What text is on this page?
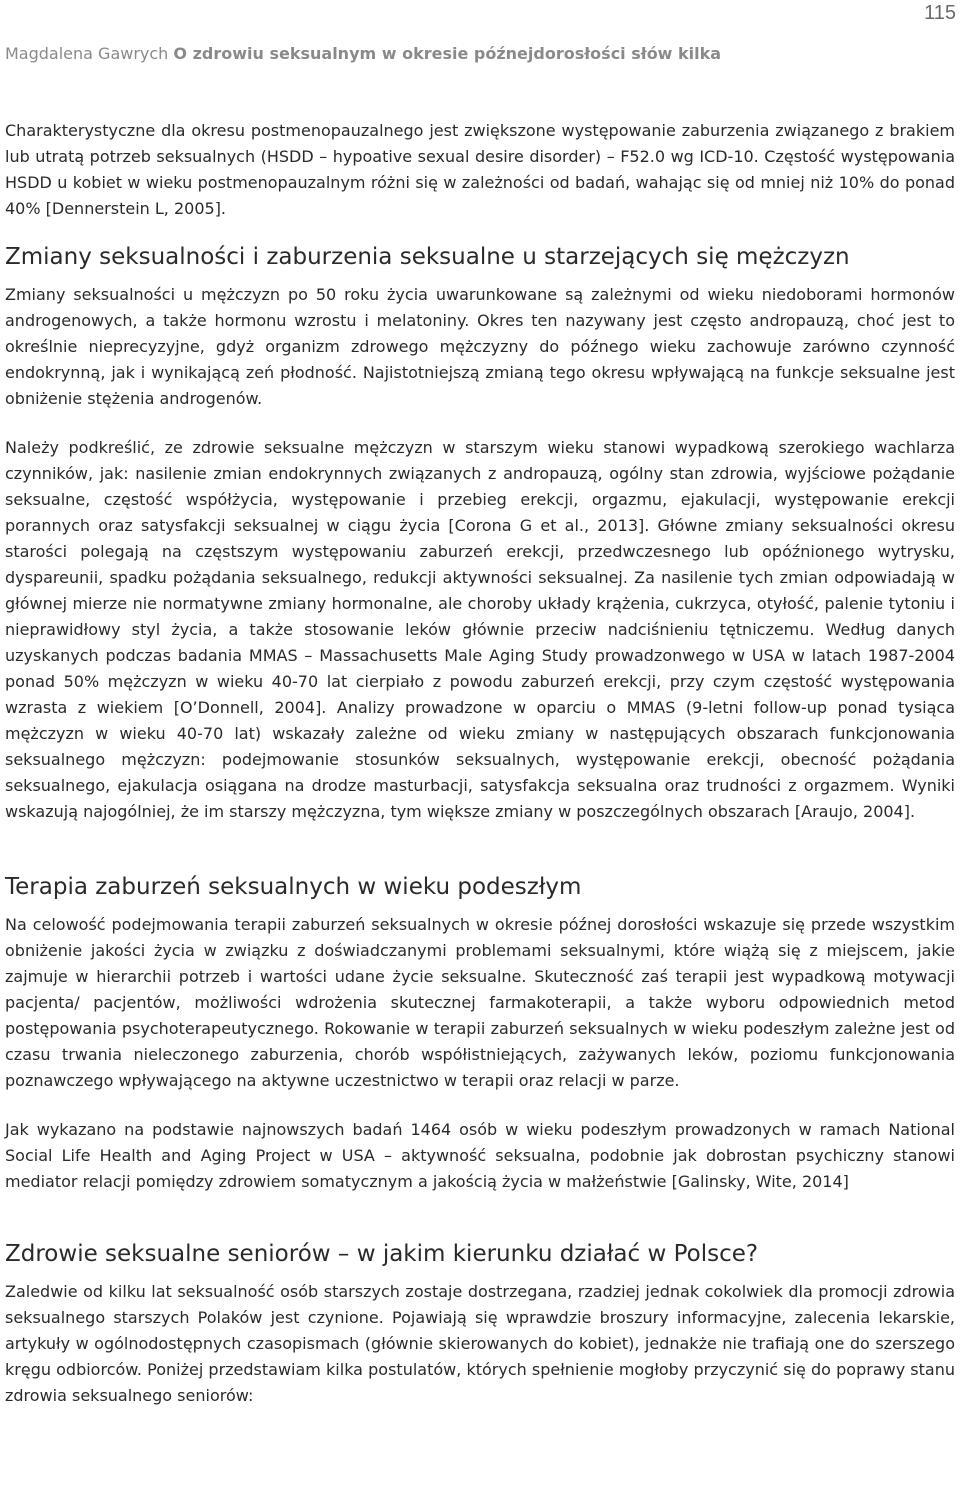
115
Magdalena Gawrych O zdrowiu seksualnym w okresie późnejdorosłości słów kilka

Charakterystyczne dla okresu postmenopauzalnego jest zwiększone występowanie zaburzenia związanego z brakiem lub utratą potrzeb seksualnych (HSDD – hypoative sexual desire disorder) – F52.0 wg ICD-10. Częstość występowania HSDD u kobiet w wieku postmenopauzalnym różni się w zależności od badań, wahając się od mniej niż 10% do ponad 40% [Dennerstein L, 2005].

Zmiany seksualności i zaburzenia seksualne u starzejących się mężczyzn

Zmiany seksualności u mężczyzn po 50 roku życia uwarunkowane są zależnymi od wieku niedoborami hormonów androgenowych, a także hormonu wzrostu i melatoniny. Okres ten nazywany jest często andropauzą, choć jest to określnie nieprecyzyjne, gdyż organizm zdrowego mężczyzny do późnego wieku zachowuje zarówno czynność endokrynną, jak i wynikającą zeń płodność. Najistotniejszą zmianą tego okresu wpływającą na funkcje seksualne jest obniżenie stężenia androgenów.

Należy podkreślić, ze zdrowie seksualne mężczyzn w starszym wieku stanowi wypadkową szerokiego wachlarza czynników, jak: nasilenie zmian endokrynnych związanych z andropauzą, ogólny stan zdrowia, wyjściowe pożądanie seksualne, częstość współżycia, występowanie i przebieg erekcji, orgazmu, ejakulacji, występowanie erekcji porannych oraz satysfakcji seksualnej w ciągu życia [Corona G et al., 2013]. Główne zmiany seksualności okresu starości polegają na częstszym występowaniu zaburzeń erekcji, przedwczesnego lub opóźnionego wytrysku, dyspareunii, spadku pożądania seksualnego, redukcji aktywności seksualnej. Za nasilenie tych zmian odpowiadają w głównej mierze nie normatywne zmiany hormonalne, ale choroby układy krążenia, cukrzyca, otyłość, palenie tytoniu i nieprawidłowy styl życia, a także stosowanie leków głównie przeciw nadciśnieniu tętniczemu. Według danych uzyskanych podczas badania MMAS – Massachusetts Male Aging Study prowadzonwego w USA w latach 1987-2004 ponad 50% mężczyzn w wieku 40-70 lat cierpiało z powodu zaburzeń erekcji, przy czym częstość występowania wzrasta z wiekiem [O’Donnell, 2004]. Analizy prowadzone w oparciu o MMAS (9-letni follow-up ponad tysiąca mężczyzn w wieku 40-70 lat) wskazały zależne od wieku zmiany w następujących obszarach funkcjonowania seksualnego mężczyzn: podejmowanie stosunków seksualnych, występowanie erekcji, obecność pożądania seksualnego, ejakulacja osiągana na drodze masturbacji, satysfakcja seksualna oraz trudności z orgazmem. Wyniki wskazują najogólniej, że im starszy mężczyzna, tym większe zmiany w poszczególnych obszarach [Araujo, 2004].

Terapia zaburzeń seksualnych w wieku podeszłym

Na celowość podejmowania terapii zaburzeń seksualnych w okresie późnej dorosłości wskazuje się przede wszystkim obniżenie jakości życia w związku z doświadczanymi problemami seksualnymi, które wiążą się z miejscem, jakie zajmuje w hierarchii potrzeb i wartości udane życie seksualne. Skuteczność zaś terapii jest wypadkową motywacji pacjenta/ pacjentów, możliwości wdrożenia skutecznej farmakoterapii, a także wyboru odpowiednich metod postępowania psychoterapeutycznego. Rokowanie w terapii zaburzeń seksualnych w wieku podeszłym zależne jest od czasu trwania nieleczonego zaburzenia, chorób współistniejących, zażywanych leków, poziomu funkcjonowania poznawczego wpływającego na aktywne uczestnictwo w terapii oraz relacji w parze.

Jak wykazano na podstawie najnowszych badań 1464 osób w wieku podeszłym prowadzonych w ramach National Social Life Health and Aging Project w USA – aktywność seksualna, podobnie jak dobrostan psychiczny stanowi mediator relacji pomiędzy zdrowiem somatycznym a jakością życia w małżeństwie [Galinsky, Wite, 2014]

Zdrowie seksualne seniorów – w jakim kierunku działać w Polsce?

Zaledwie od kilku lat seksualność osób starszych zostaje dostrzegana, rzadziej jednak cokolwiek dla promocji zdrowia seksualnego starszych Polaków jest czynione. Pojawiają się wprawdzie broszury informacyjne, zalecenia lekarskie, artykuły w ogólnodostępnych czasopismach (głównie skierowanych do kobiet), jednakże nie trafiają one do szerszego kręgu odbiorców. Poniżej przedstawiam kilka postulatów, których spełnienie mogłoby przyczynić się do poprawy stanu zdrowia seksualnego seniorów:
